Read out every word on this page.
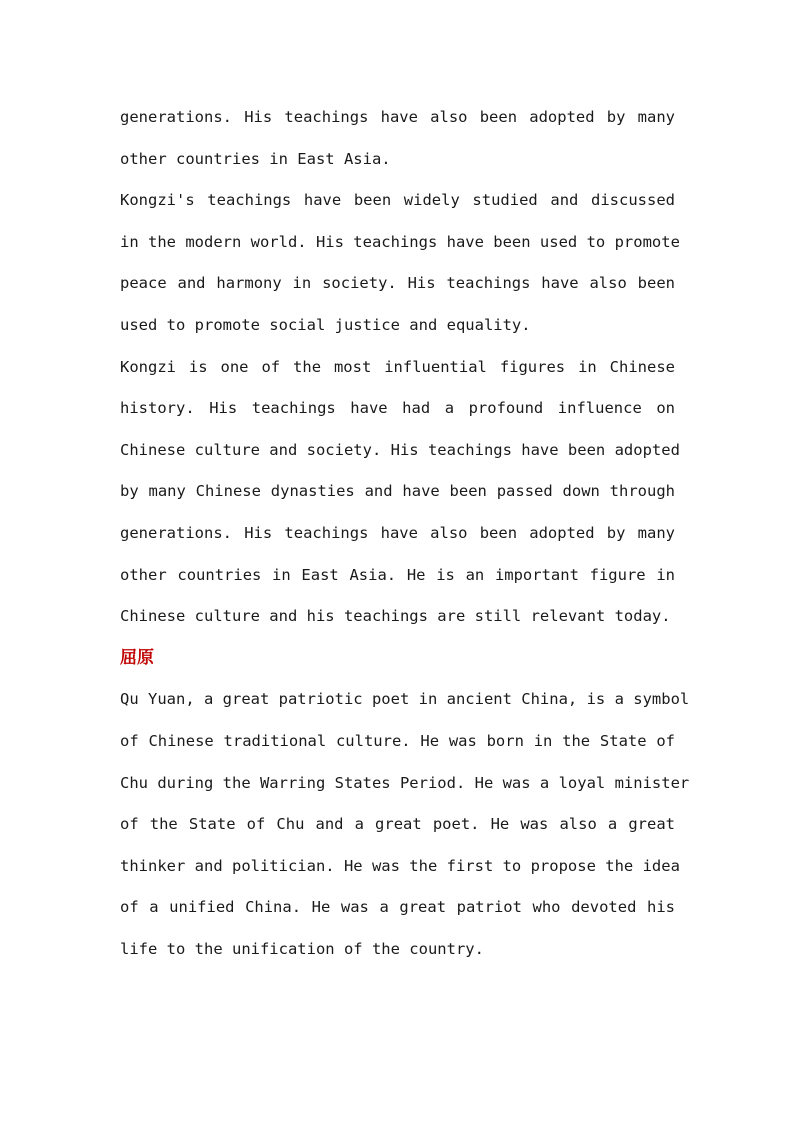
generations. His teachings have also been adopted by many
other countries in East Asia.
Kongzi's teachings have been widely studied and discussed
in the modern world. His teachings have been used to promote
peace and harmony in society. His teachings have also been
used to promote social justice and equality.
Kongzi is one of the most influential figures in Chinese
history. His teachings have had a profound influence on
Chinese culture and society. His teachings have been adopted
by many Chinese dynasties and have been passed down through
generations. His teachings have also been adopted by many
other countries in East Asia. He is an important figure in
Chinese culture and his teachings are still relevant today.
屈原
Qu Yuan, a great patriotic poet in ancient China, is a symbol
of Chinese traditional culture. He was born in the State of
Chu during the Warring States Period. He was a loyal minister
of the State of Chu and a great poet. He was also a great
thinker and politician. He was the first to propose the idea
of a unified China. He was a great patriot who devoted his
life to the unification of the country.
